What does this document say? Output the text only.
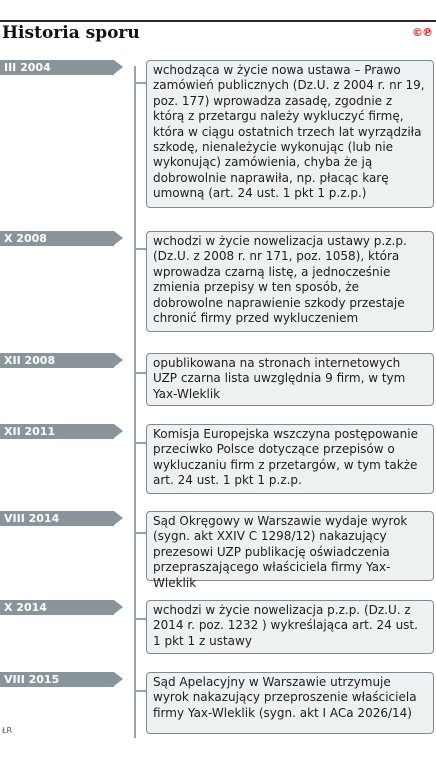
Historia sporu	©℗
III 2004	wchodząca w życie nowa ustawa – Prawo zamówień publicznych (Dz.U. z 2004 r. nr 19, poz. 177) wprowadza zasadę, zgodnie z którą z przetargu należy wykluczyć firmę, która w ciągu ostatnich trzech lat wyrządziła szkodę, nienależycie wykonując (lub nie wykonując) zamówienia, chyba że ją dobrowolnie naprawiła, np. płacąc karę umowną (art. 24 ust. 1 pkt 1 p.z.p.)
X 2008	wchodzi w życie nowelizacja ustawy p.z.p. (Dz.U. z 2008 r. nr 171, poz. 1058), która wprowadza czarną listę, a jednocześnie zmienia przepisy w ten sposób, że dobrowolne naprawienie szkody przestaje chronić firmy przed wykluczeniem
XII 2008	opublikowana na stronach internetowych UZP czarna lista uwzględnia 9 firm, w tym Yax-Wleklik
XII 2011	Komisja Europejska wszczyna postępowanie przeciwko Polsce dotyczące przepisów o wykluczaniu firm z przetargów, w tym także art. 24 ust. 1 pkt 1 p.z.p.
VIII 2014	Sąd Okręgowy w Warszawie wydaje wyrok (sygn. akt XXIV C 1298/12) nakazujący prezesowi UZP publikację oświadczenia przepraszającego właściciela firmy Yax-Wleklik
X 2014	wchodzi w życie nowelizacja p.z.p. (Dz.U. z 2014 r. poz. 1232 ) wykreślająca art. 24 ust. 1 pkt 1 z ustawy
VIII 2015	Sąd Apelacyjny w Warszawie utrzymuje wyrok nakazujący przeproszenie właściciela firmy Yax-Wleklik (sygn. akt I ACa 2026/14)
ŁR
